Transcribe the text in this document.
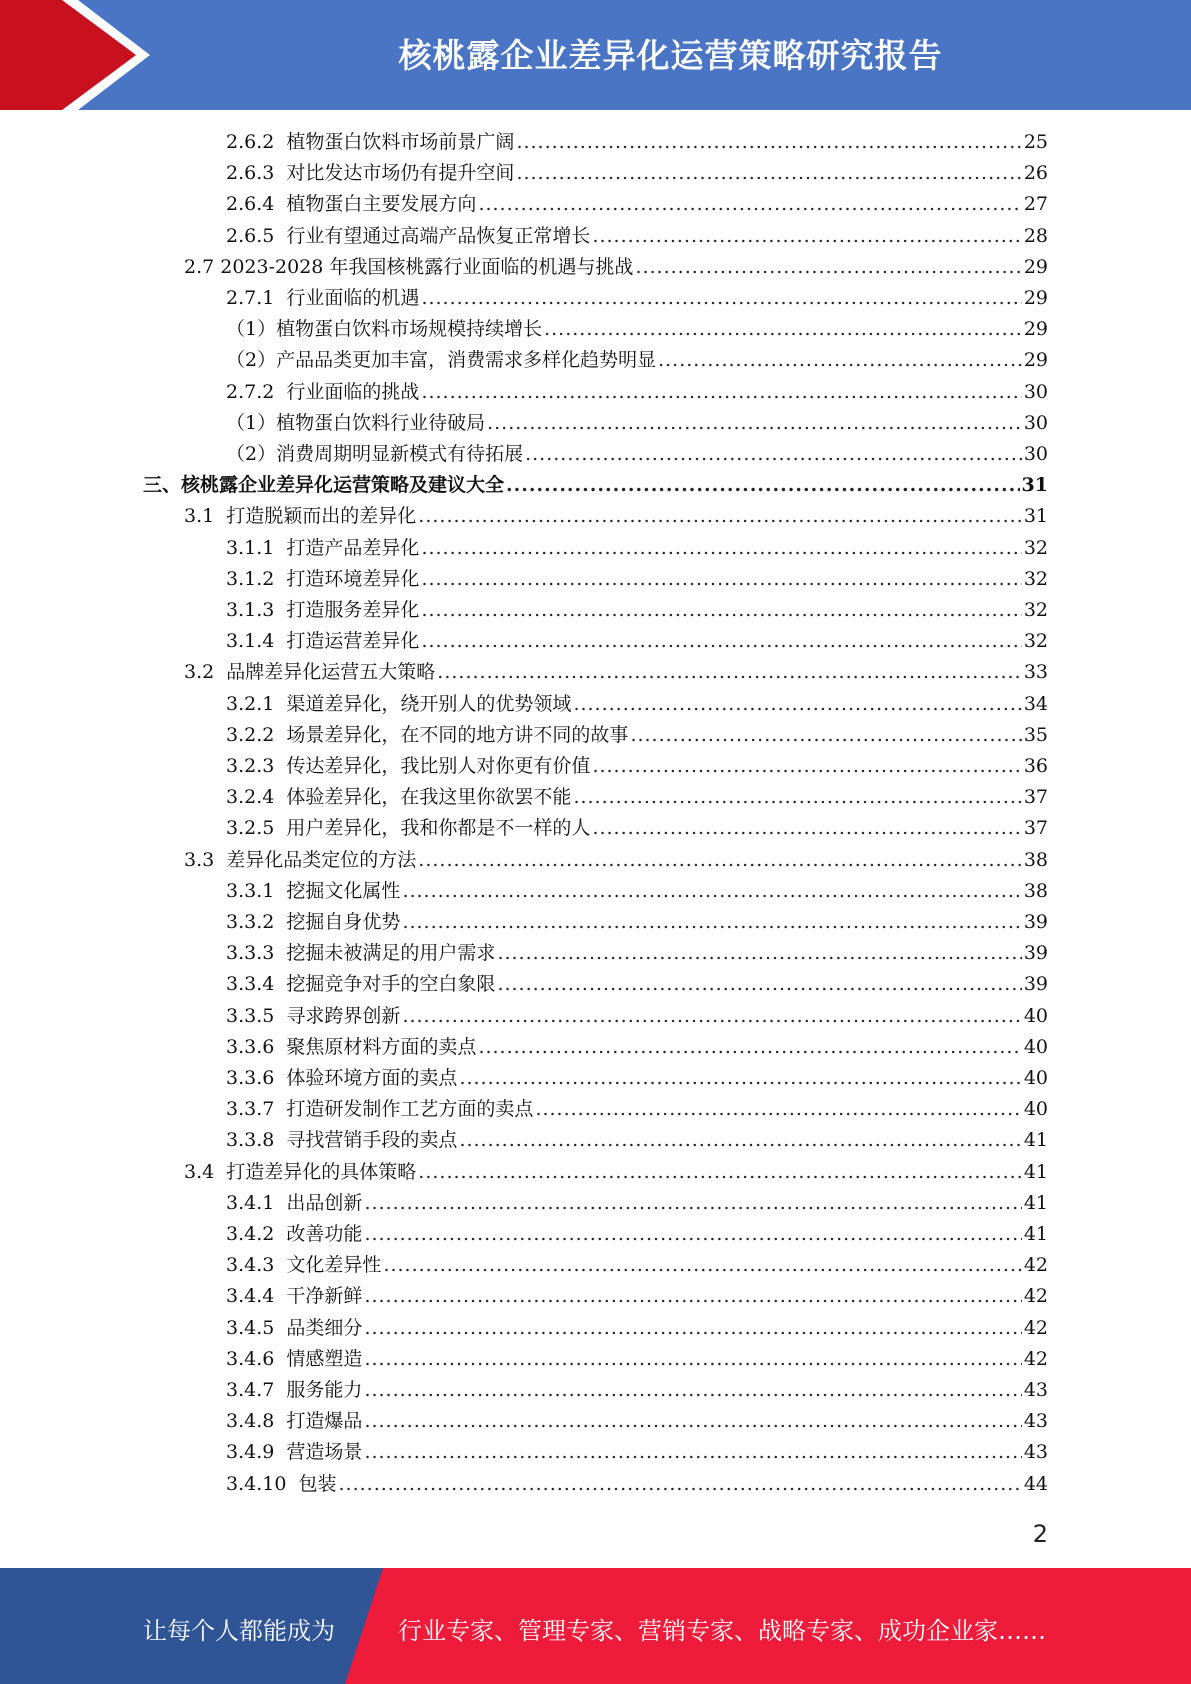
核桃露企业差异化运营策略研究报告
2.6.2  植物蛋白饮料市场前景广阔 .....	25
2.6.3  对比发达市场仍有提升空间 .....	26
2.6.4  植物蛋白主要发展方向 .....	27
2.6.5  行业有望通过高端产品恢复正常增长 .....	28
2.7 2023-2028 年我国核桃露行业面临的机遇与挑战 .....	29
2.7.1  行业面临的机遇 .....	29
（1）植物蛋白饮料市场规模持续增长 .....	29
（2）产品品类更加丰富，消费需求多样化趋势明显 .....	29
2.7.2  行业面临的挑战 .....	30
（1）植物蛋白饮料行业待破局 .....	30
（2）消费周期明显新模式有待拓展 .....	30
三、核桃露企业差异化运营策略及建议大全 .....	31
3.1  打造脱颖而出的差异化 .....	31
3.1.1  打造产品差异化 .....	32
3.1.2  打造环境差异化 .....	32
3.1.3  打造服务差异化 .....	32
3.1.4  打造运营差异化 .....	32
3.2  品牌差异化运营五大策略 .....	33
3.2.1  渠道差异化，绕开别人的优势领域 .....	34
3.2.2  场景差异化，在不同的地方讲不同的故事 .....	35
3.2.3  传达差异化，我比别人对你更有价值 .....	36
3.2.4  体验差异化，在我这里你欲罢不能 .....	37
3.2.5  用户差异化，我和你都是不一样的人 .....	37
3.3  差异化品类定位的方法 .....	38
3.3.1  挖掘文化属性 .....	38
3.3.2  挖掘自身优势 .....	39
3.3.3  挖掘未被满足的用户需求 .....	39
3.3.4  挖掘竞争对手的空白象限 .....	39
3.3.5  寻求跨界创新 .....	40
3.3.6  聚焦原材料方面的卖点 .....	40
3.3.6  体验环境方面的卖点 .....	40
3.3.7  打造研发制作工艺方面的卖点 .....	40
3.3.8  寻找营销手段的卖点 .....	41
3.4  打造差异化的具体策略 .....	41
3.4.1  出品创新 .....	41
3.4.2  改善功能 .....	41
3.4.3  文化差异性 .....	42
3.4.4  干净新鲜 .....	42
3.4.5  品类细分 .....	42
3.4.6  情感塑造 .....	42
3.4.7  服务能力 .....	43
3.4.8  打造爆品 .....	43
3.4.9  营造场景 .....	43
3.4.10  包装 .....	44
2
让每个人都能成为	行业专家、管理专家、营销专家、战略专家、成功企业家……
